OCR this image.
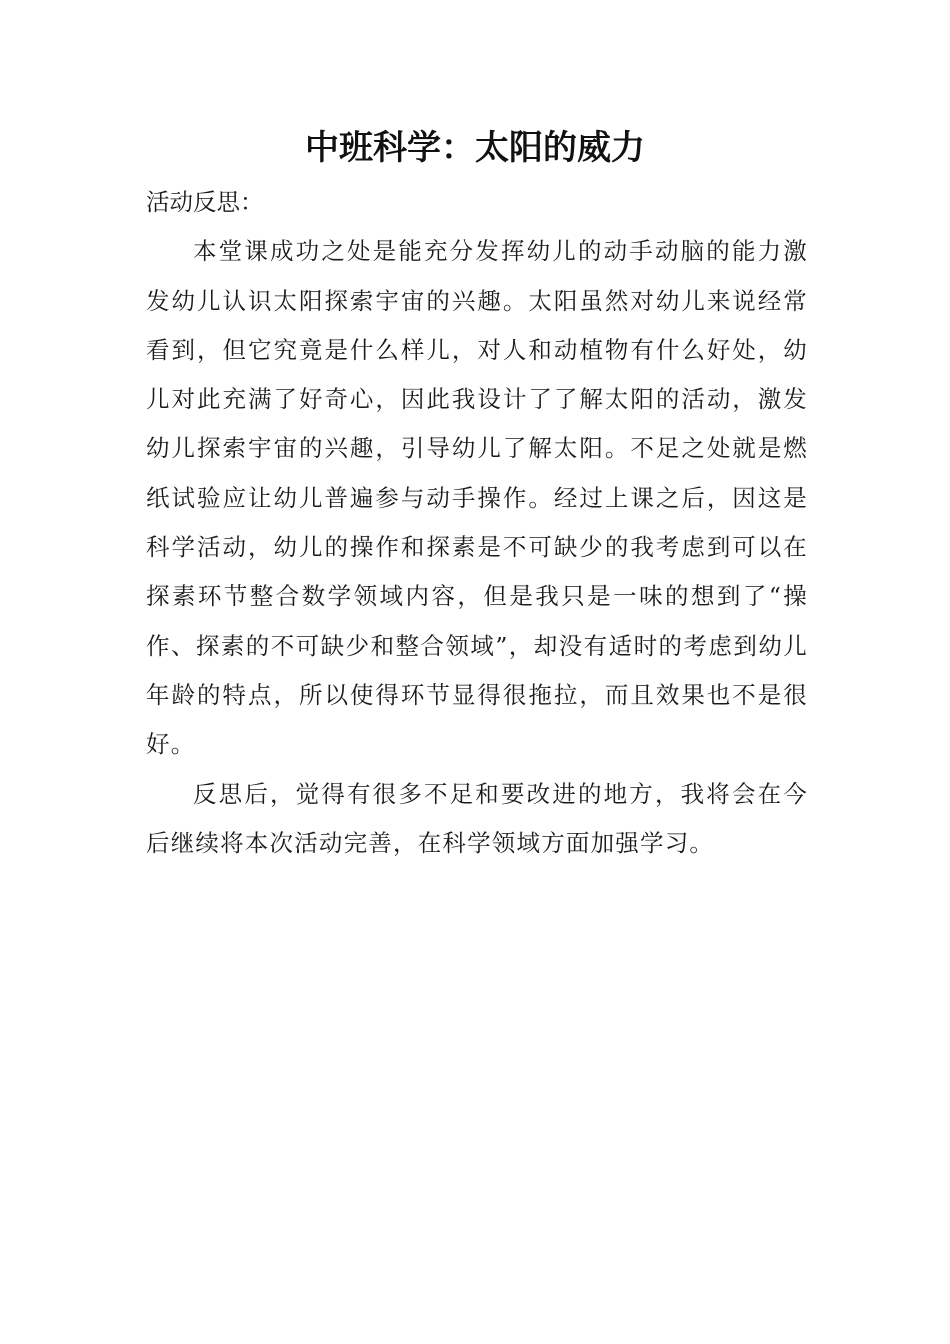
中班科学：太阳的威力

活动反思：

本堂课成功之处是能充分发挥幼儿的动手动脑的能力激发幼儿认识太阳探索宇宙的兴趣。太阳虽然对幼儿来说经常看到，但它究竟是什么样儿，对人和动植物有什么好处，幼儿对此充满了好奇心，因此我设计了了解太阳的活动，激发幼儿探索宇宙的兴趣，引导幼儿了解太阳。不足之处就是燃纸试验应让幼儿普遍参与动手操作。经过上课之后，因这是科学活动，幼儿的操作和探素是不可缺少的我考虑到可以在探素环节整合数学领域内容，但是我只是一味的想到了“操作、探素的不可缺少和整合领域”，却没有适时的考虑到幼儿年龄的特点，所以使得环节显得很拖拉，而且效果也不是很好。

反思后，觉得有很多不足和要改进的地方，我将会在今后继续将本次活动完善，在科学领域方面加强学习。
